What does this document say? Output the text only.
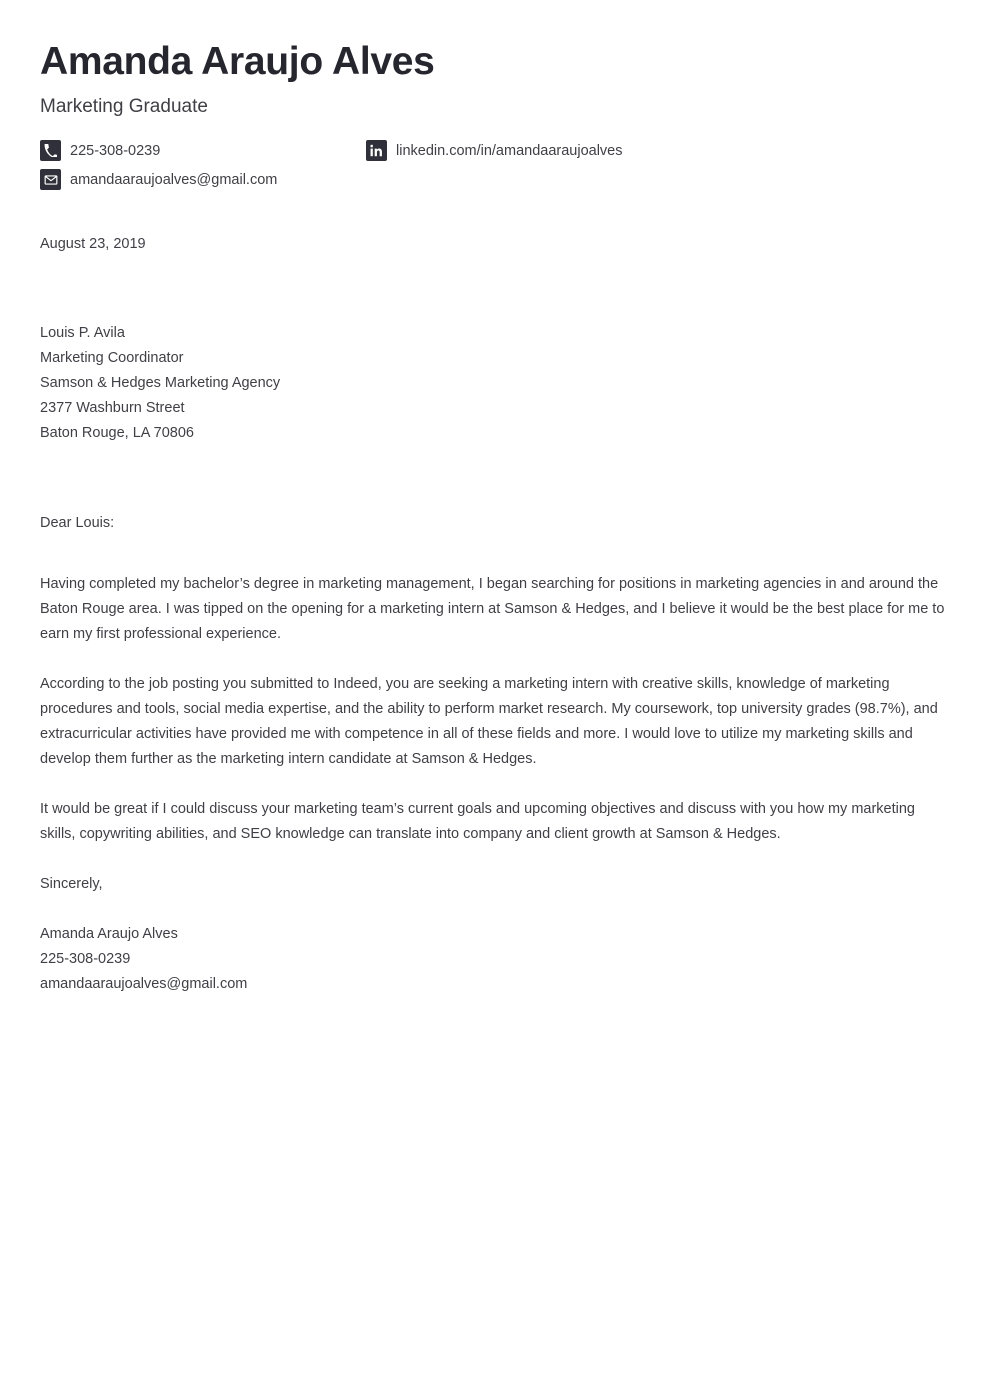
Amanda Araujo Alves
Marketing Graduate
225-308-0239	linkedin.com/in/amandaaraujoalves
amandaaraujoalves@gmail.com
August 23, 2019
Louis P. Avila
Marketing Coordinator
Samson & Hedges Marketing Agency
2377 Washburn Street
Baton Rouge, LA 70806

Dear Louis:

Having completed my bachelor’s degree in marketing management, I began searching for positions in marketing agencies in and around the Baton Rouge area. I was tipped on the opening for a marketing intern at Samson & Hedges, and I believe it would be the best place for me to earn my first professional experience.

According to the job posting you submitted to Indeed, you are seeking a marketing intern with creative skills, knowledge of marketing procedures and tools, social media expertise, and the ability to perform market research. My coursework, top university grades (98.7%), and extracurricular activities have provided me with competence in all of these fields and more. I would love to utilize my marketing skills and develop them further as the marketing intern candidate at Samson & Hedges.

It would be great if I could discuss your marketing team’s current goals and upcoming objectives and discuss with you how my marketing skills, copywriting abilities, and SEO knowledge can translate into company and client growth at Samson & Hedges.

Sincerely,

Amanda Araujo Alves
225-308-0239
amandaaraujoalves@gmail.com
